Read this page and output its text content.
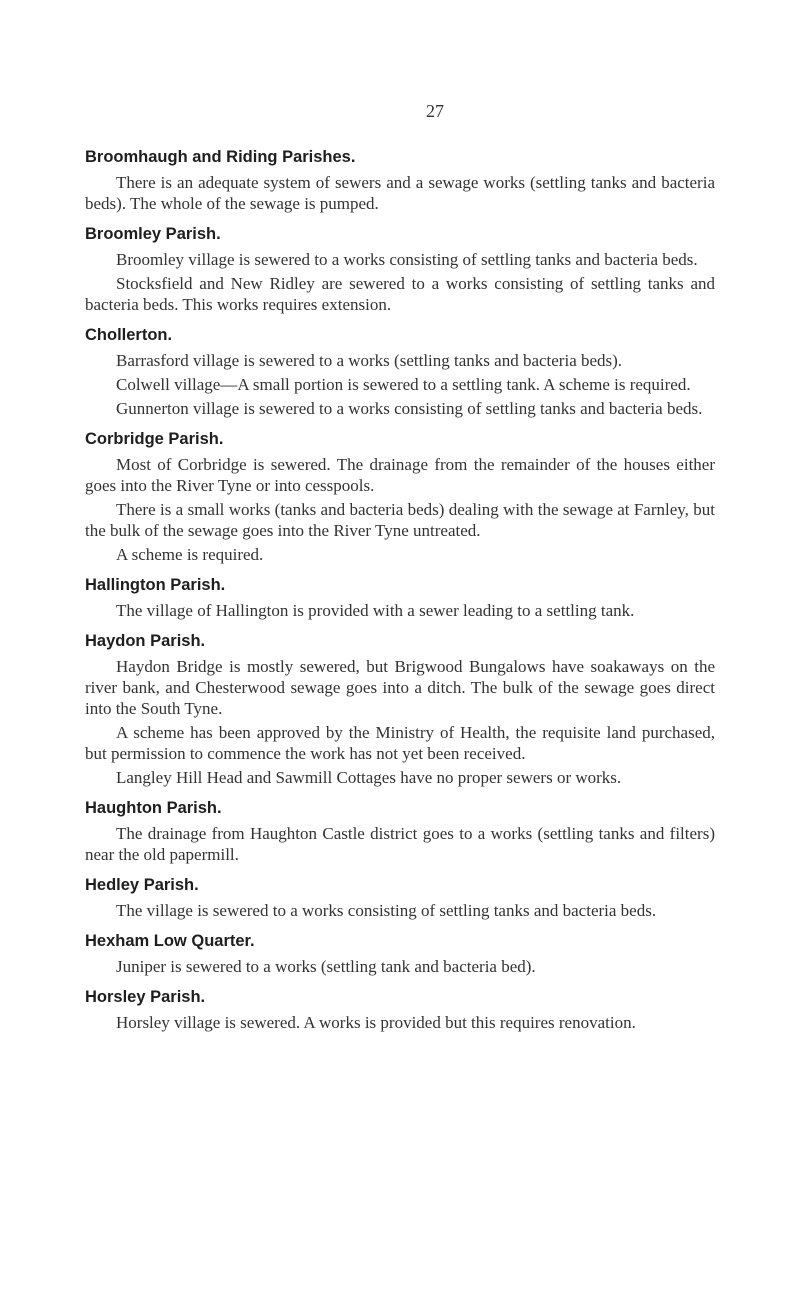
27
Broomhaugh and Riding Parishes.

There is an adequate system of sewers and a sewage works (settling tanks and bacteria beds). The whole of the sewage is pumped.

Broomley Parish.

Broomley village is sewered to a works consisting of settling tanks and bacteria beds.

Stocksfield and New Ridley are sewered to a works consisting of settling tanks and bacteria beds. This works requires extension.

Chollerton.

Barrasford village is sewered to a works (settling tanks and bacteria beds).

Colwell village—A small portion is sewered to a settling tank. A scheme is required.

Gunnerton village is sewered to a works consisting of settling tanks and bacteria beds.

Corbridge Parish.

Most of Corbridge is sewered. The drainage from the remainder of the houses either goes into the River Tyne or into cesspools.

There is a small works (tanks and bacteria beds) dealing with the sewage at Farnley, but the bulk of the sewage goes into the River Tyne untreated.

A scheme is required.

Hallington Parish.

The village of Hallington is provided with a sewer leading to a settling tank.

Haydon Parish.

Haydon Bridge is mostly sewered, but Brigwood Bungalows have soakaways on the river bank, and Chesterwood sewage goes into a ditch. The bulk of the sewage goes direct into the South Tyne.

A scheme has been approved by the Ministry of Health, the requisite land purchased, but permission to commence the work has not yet been received.

Langley Hill Head and Sawmill Cottages have no proper sewers or works.

Haughton Parish.

The drainage from Haughton Castle district goes to a works (settling tanks and filters) near the old papermill.

Hedley Parish.

The village is sewered to a works consisting of settling tanks and bacteria beds.

Hexham Low Quarter.

Juniper is sewered to a works (settling tank and bacteria bed).

Horsley Parish.

Horsley village is sewered. A works is provided but this requires renovation.
